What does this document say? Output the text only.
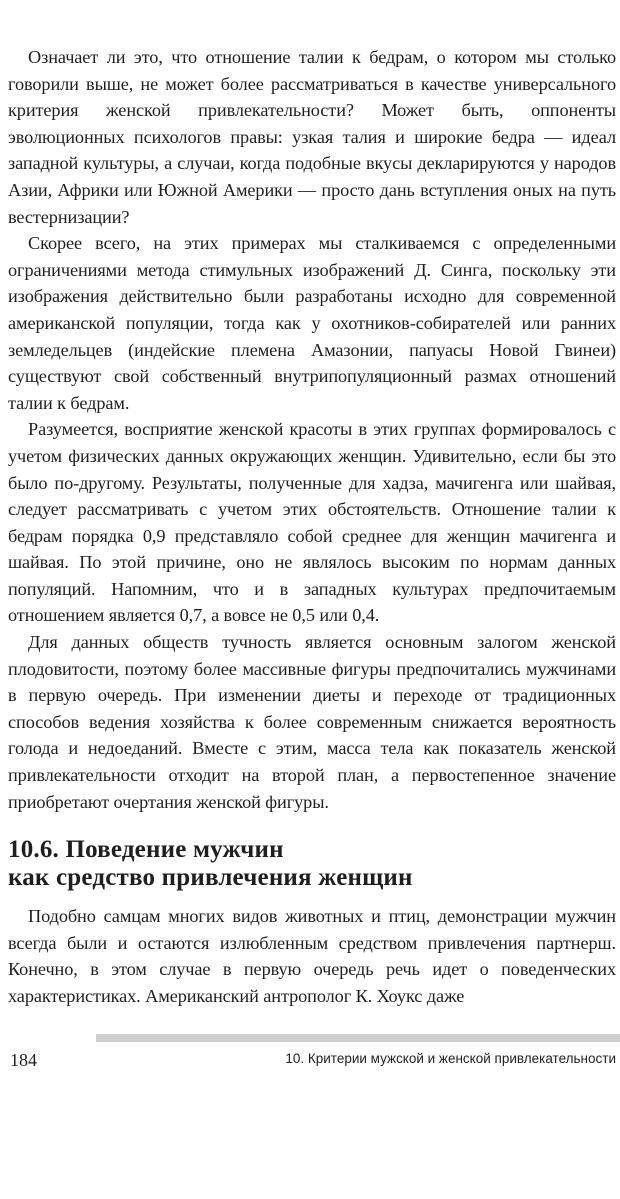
Означает ли это, что отношение талии к бедрам, о котором мы столько говорили выше, не может более рассматриваться в качестве универсального критерия женской привлекательности? Может быть, оппоненты эволюционных психологов правы: узкая талия и широкие бедра — идеал западной культуры, а случаи, когда подобные вкусы декларируются у народов Азии, Африки или Южной Америки — просто дань вступления оных на путь вестернизации?

Скорее всего, на этих примерах мы сталкиваемся с определенными ограничениями метода стимульных изображений Д. Синга, поскольку эти изображения действительно были разработаны исходно для современной американской популяции, тогда как у охотников-собирателей или ранних земледельцев (индейские племена Амазонии, папуасы Новой Гвинеи) существуют свой собственный внутрипопуляционный размах отношений талии к бедрам.

Разумеется, восприятие женской красоты в этих группах формировалось с учетом физических данных окружающих женщин. Удивительно, если бы это было по-другому. Результаты, полученные для хадза, мачигенга или шайвая, следует рассматривать с учетом этих обстоятельств. Отношение талии к бедрам порядка 0,9 представляло собой среднее для женщин мачигенга и шайвая. По этой причине, оно не являлось высоким по нормам данных популяций. Напомним, что и в западных культурах предпочитаемым отношением является 0,7, а вовсе не 0,5 или 0,4.

Для данных обществ тучность является основным залогом женской плодовитости, поэтому более массивные фигуры предпочитались мужчинами в первую очередь. При изменении диеты и переходе от традиционных способов ведения хозяйства к более современным снижается вероятность голода и недоеданий. Вместе с этим, масса тела как показатель женской привлекательности отходит на второй план, а первостепенное значение приобретают очертания женской фигуры.

10.6. Поведение мужчин
как средство привлечения женщин

Подобно самцам многих видов животных и птиц, демонстрации мужчин всегда были и остаются излюбленным средством привлечения партнерш. Конечно, в этом случае в первую очередь речь идет о поведенческих характеристиках. Американский антрополог К. Хоукс даже

184	10. Критерии мужской и женской привлекательности
